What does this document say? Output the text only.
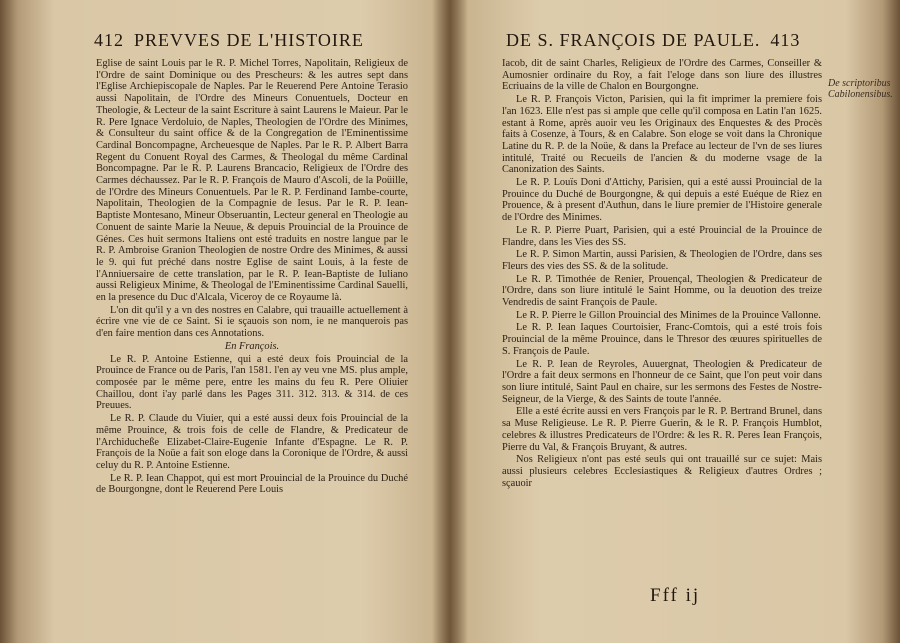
412 PREVVES DE L'HISTOIRE

Eglise de saint Louis par le R. P. Michel Torres, Napolitain, Religieux de l'Ordre de saint Dominique ou des Prescheurs: & les autres sept dans l'Eglise Archiepiscopale de Naples. Par le Reuerend Pere Antoine Terasio aussi Napolitain, de l'Ordre des Mineurs Conuentuels, Docteur en Theologie, & Lecteur de la saint Escriture à saint Laurens le Maieur. Par le R. Pere Ignace Verdoluio, de Naples, Theologien de l'Ordre des Minimes, & Consulteur du saint office & de la Congregation de l'Eminentissime Cardinal Boncompagne, Archeuesque de Naples. Par le R. P. Albert Barra Regent du Conuent Royal des Carmes, & Theologal du même Cardinal Boncompagne. Par le R. P. Laurens Brancacio, Religieux de l'Ordre des Carmes déchaussez. Par le R. P. François de Mauro d'Ascoli, de la Poüille, de l'Ordre des Mineurs Conuentuels. Par le R. P. Ferdinand Iambe-courte, Napolitain, Theologien de la Compagnie de Iesus. Par le R. P. Iean-Baptiste Montesano, Mineur Obseruantin, Lecteur general en Theologie au Conuent de sainte Marie la Neuue, & depuis Prouincial de la Prouince de Génes. Ces huit sermons Italiens ont esté traduits en nostre langue par le R. P. Ambroise Granion Theologien de nostre Ordre des Minimes, & aussi le 9. qui fut préché dans nostre Eglise de saint Louis, à la feste de l'Anniuersaire de cette translation, par le R. P. Iean-Baptiste de Iuliano aussi Religieux Minime, & Theologal de l'Eminentissime Cardinal Sauelli, en la presence du Duc d'Alcala, Viceroy de ce Royaume là.

L'on dit qu'il y a vn des nostres en Calabre, qui trauaille actuellement à écrire vne vie de ce Saint. Si ie sçauois son nom, ie ne manquerois pas d'en faire mention dans ces Annotations.

En François.

Le R. P. Antoine Estienne, qui a esté deux fois Prouincial de la Prouince de France ou de Paris, l'an 1581. l'en ay veu vne MS. plus ample, composée par le même pere, entre les mains du feu R. Pere Oliuier Chaillou, dont i'ay parlé dans les Pages 311. 312. 313. & 314. de ces Preuues.

Le R. P. Claude du Viuier, qui a esté aussi deux fois Prouincial de la même Prouince, & trois fois de celle de Flandre, & Predicateur de l'Archiducheße Elizabet-Claire-Eugenie Infante d'Espagne. Le R. P. François de la Noüe a fait son eloge dans la Coronique de l'Ordre, & aussi celuy du R. P. Antoine Estienne.

Le R. P. Iean Chappot, qui est mort Prouincial de la Prouince du Duché de Bourgongne, dont le Reuerend Pere Louis

DE S. FRANÇOIS DE PAULE. 413
De scriptoribus Cabilonensibus.

Iacob, dit de saint Charles, Religieux de l'Ordre des Carmes, Conseiller & Aumosnier ordinaire du Roy, a fait l'eloge dans son liure des illustres Ecriuains de la ville de Chalon en Bourgongne.

Le R. P. François Victon, Parisien, qui la fit imprimer la premiere fois l'an 1623. Elle n'est pas si ample que celle qu'il composa en Latin l'an 1625. estant à Rome, après auoir veu les Originaux des Enquestes & des Procès faits à Cosenze, à Tours, & en Calabre. Son eloge se voit dans la Chronique Latine du R. P. de la Noüe, & dans la Preface au lecteur de l'vn de ses liures intitulé, Traité ou Recueils de l'ancien & du moderne vsage de la Canonization des Saints.

Le R. P. Louïs Doni d'Attichy, Parisien, qui a esté aussi Prouincial de la Prouince du Duché de Bourgongne, & qui depuis a esté Euéque de Riez en Prouence, & à present d'Authun, dans le liure premier de l'Histoire generale de l'Ordre des Minimes.

Le R. P. Pierre Puart, Parisien, qui a esté Prouincial de la Prouince de Flandre, dans les Vies des SS.

Le R. P. Simon Martin, aussi Parisien, & Theologien de l'Ordre, dans ses Fleurs des vies des SS. & de la solitude.

Le R. P. Timothée de Renier, Prouençal, Theologien & Predicateur de l'Ordre, dans son liure intitulé le Saint Homme, ou la deuotion des treize Vendredis de saint François de Paule.

Le R. P. Pierre le Gillon Prouincial des Minimes de la Prouince Vallonne.

Le R. P. Iean Iaques Courtoisier, Franc-Comtois, qui a esté trois fois Prouincial de la même Prouince, dans le Thresor des œuures spirituelles de S. François de Paule.

Le R. P. Iean de Reyroles, Auuergnat, Theologien & Predicateur de l'Ordre a fait deux sermons en l'honneur de ce Saint, que l'on peut voir dans son liure intitulé, Saint Paul en chaire, sur les sermons des Festes de Nostre-Seigneur, de la Vierge, & des Saints de toute l'année.

Elle a esté écrite aussi en vers François par le R. P. Bertrand Brunel, dans sa Muse Religieuse. Le R. P. Pierre Guerin, & le R. P. François Humblot, celebres & illustres Predicateurs de l'Ordre: & les R. R. Peres Iean François, Pierre du Val, & François Bruyant, & autres.

Nos Religieux n'ont pas esté seuls qui ont trauaillé sur ce sujet: Mais aussi plusieurs celebres Ecclesiastiques & Religieux d'autres Ordres ; sçauoir

Fff ij
